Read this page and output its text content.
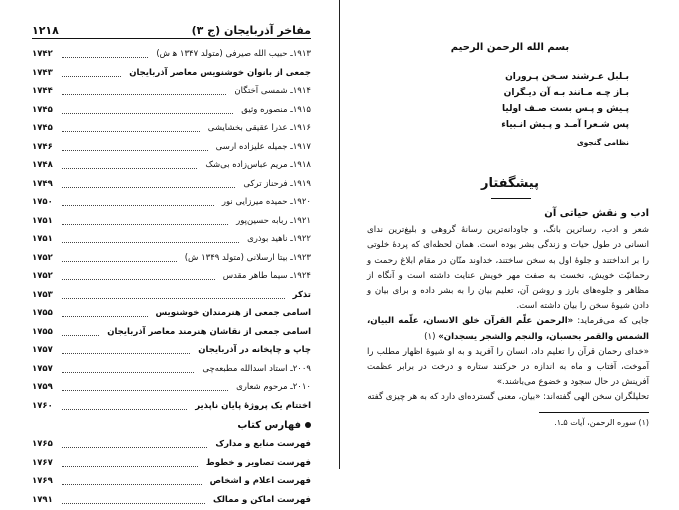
۱۲۱۸	مفاخر آذربایجان (ج ۳)
۱۷۴۲	۱۹۱۳ـ حبیب الله صیرفی (متولد ۱۳۴۷ ه‍ ش)
۱۷۴۳	جمعی از بانوان خوشنویس معاصر آذربایجان
۱۷۴۴	۱۹۱۴ـ شمسی آختگان
۱۷۴۵	۱۹۱۵ـ منصوره وثیق
۱۷۴۵	۱۹۱۶ـ عذرا عقیقی بخشایشی
۱۷۴۶	۱۹۱۷ـ جمیله علیزاده ارسی
۱۷۴۸	۱۹۱۸ـ مریم عباس‌زاده بی‌شک
۱۷۴۹	۱۹۱۹ـ فرحناز ترکی
۱۷۵۰	۱۹۲۰ـ حمیده میرزایی نور
۱۷۵۱	۱۹۲۱ـ ربابه حسین‌پور
۱۷۵۱	۱۹۲۲ـ ناهید بوذری
۱۷۵۲	۱۹۲۳ـ بیتا ارسلانی (متولد ۱۳۴۹ ش)
۱۷۵۲	۱۹۲۴ـ سیما طاهر مقدس
۱۷۵۳	تذکر
۱۷۵۵	اسامی جمعی از هنرمندان خوشنویس
۱۷۵۵	اسامی جمعی از نقاشان هنرمند معاصر آذربایجان
۱۷۵۷	چاپ و چاپخانه در آذربایجان
۱۷۵۷	۲۰۰۹ـ استاد اسدالله مطبعه‌چی
۱۷۵۹	۲۰۱۰ـ مرحوم شعاری
۱۷۶۰	اختتام یک پروژهٔ پایان ناپذیر
فهارس کتاب
۱۷۶۵	فهرست منابع و مدارک
۱۷۶۷	فهرست تصاویر و خطوط
۱۷۶۹	فهرست اعلام و اشخاص
۱۷۹۱	فهرست اماکن و ممالک
بسم الله الرحمن الرحیم
بـلبل عـرشند سـخن پـروران
بـاز چـه مـانند بـه آن دیـگران
پـیش و پـس بست صـف اولیا
پس شـعرا آمـد و پـیش انـبیاء
نظامی گنجوی
پیشگفتار
ادب و نقش حیاتی آن
شعر و ادب، رساترین بانگ، و جاودانه‌ترین رسانهٔ گروهی و بلیغ‌ترین ندای انسانی در طول حیات و زندگی بشر بوده است. همان لحظه‌ای که پردهٔ خلوتی را بر انداختند و جلوهٔ اول به سخن ساختند، خداوند منّان در مقام ابلاغ رحمت و رحمانیّت خویش، نخست به صفت مهر خویش عنایت داشته است و آنگاه از مظاهر و جلوه‌های بارز و روشن آن، تعلیم بیان را به بشر داده و برای بیان و دادن شیوهٔ سخن را بیان داشته است.
جایی که می‌فرماید: «الرحمن علّم القرآن خلق الانسان، علّمه البیان، الشمس والقمر بحسبان، والنجم والشجر یسجدان» (۱)
«خدای رحمان قرآن را تعلیم داد، انسان را آفرید و به او شیوهٔ اظهار مطلب را آموخت، آفتاب و ماه به اندازه در حرکتند ستاره و درخت در برابر عظمت آفرینش در حال سجود و خضوع می‌باشند.»
تحلیلگران سخن الهی گفته‌اند: «بیان، معنی گسترده‌ای دارد که به هر چیزی گفته
(۱) سوره الرحمن، آیات ۵ـ۱.
